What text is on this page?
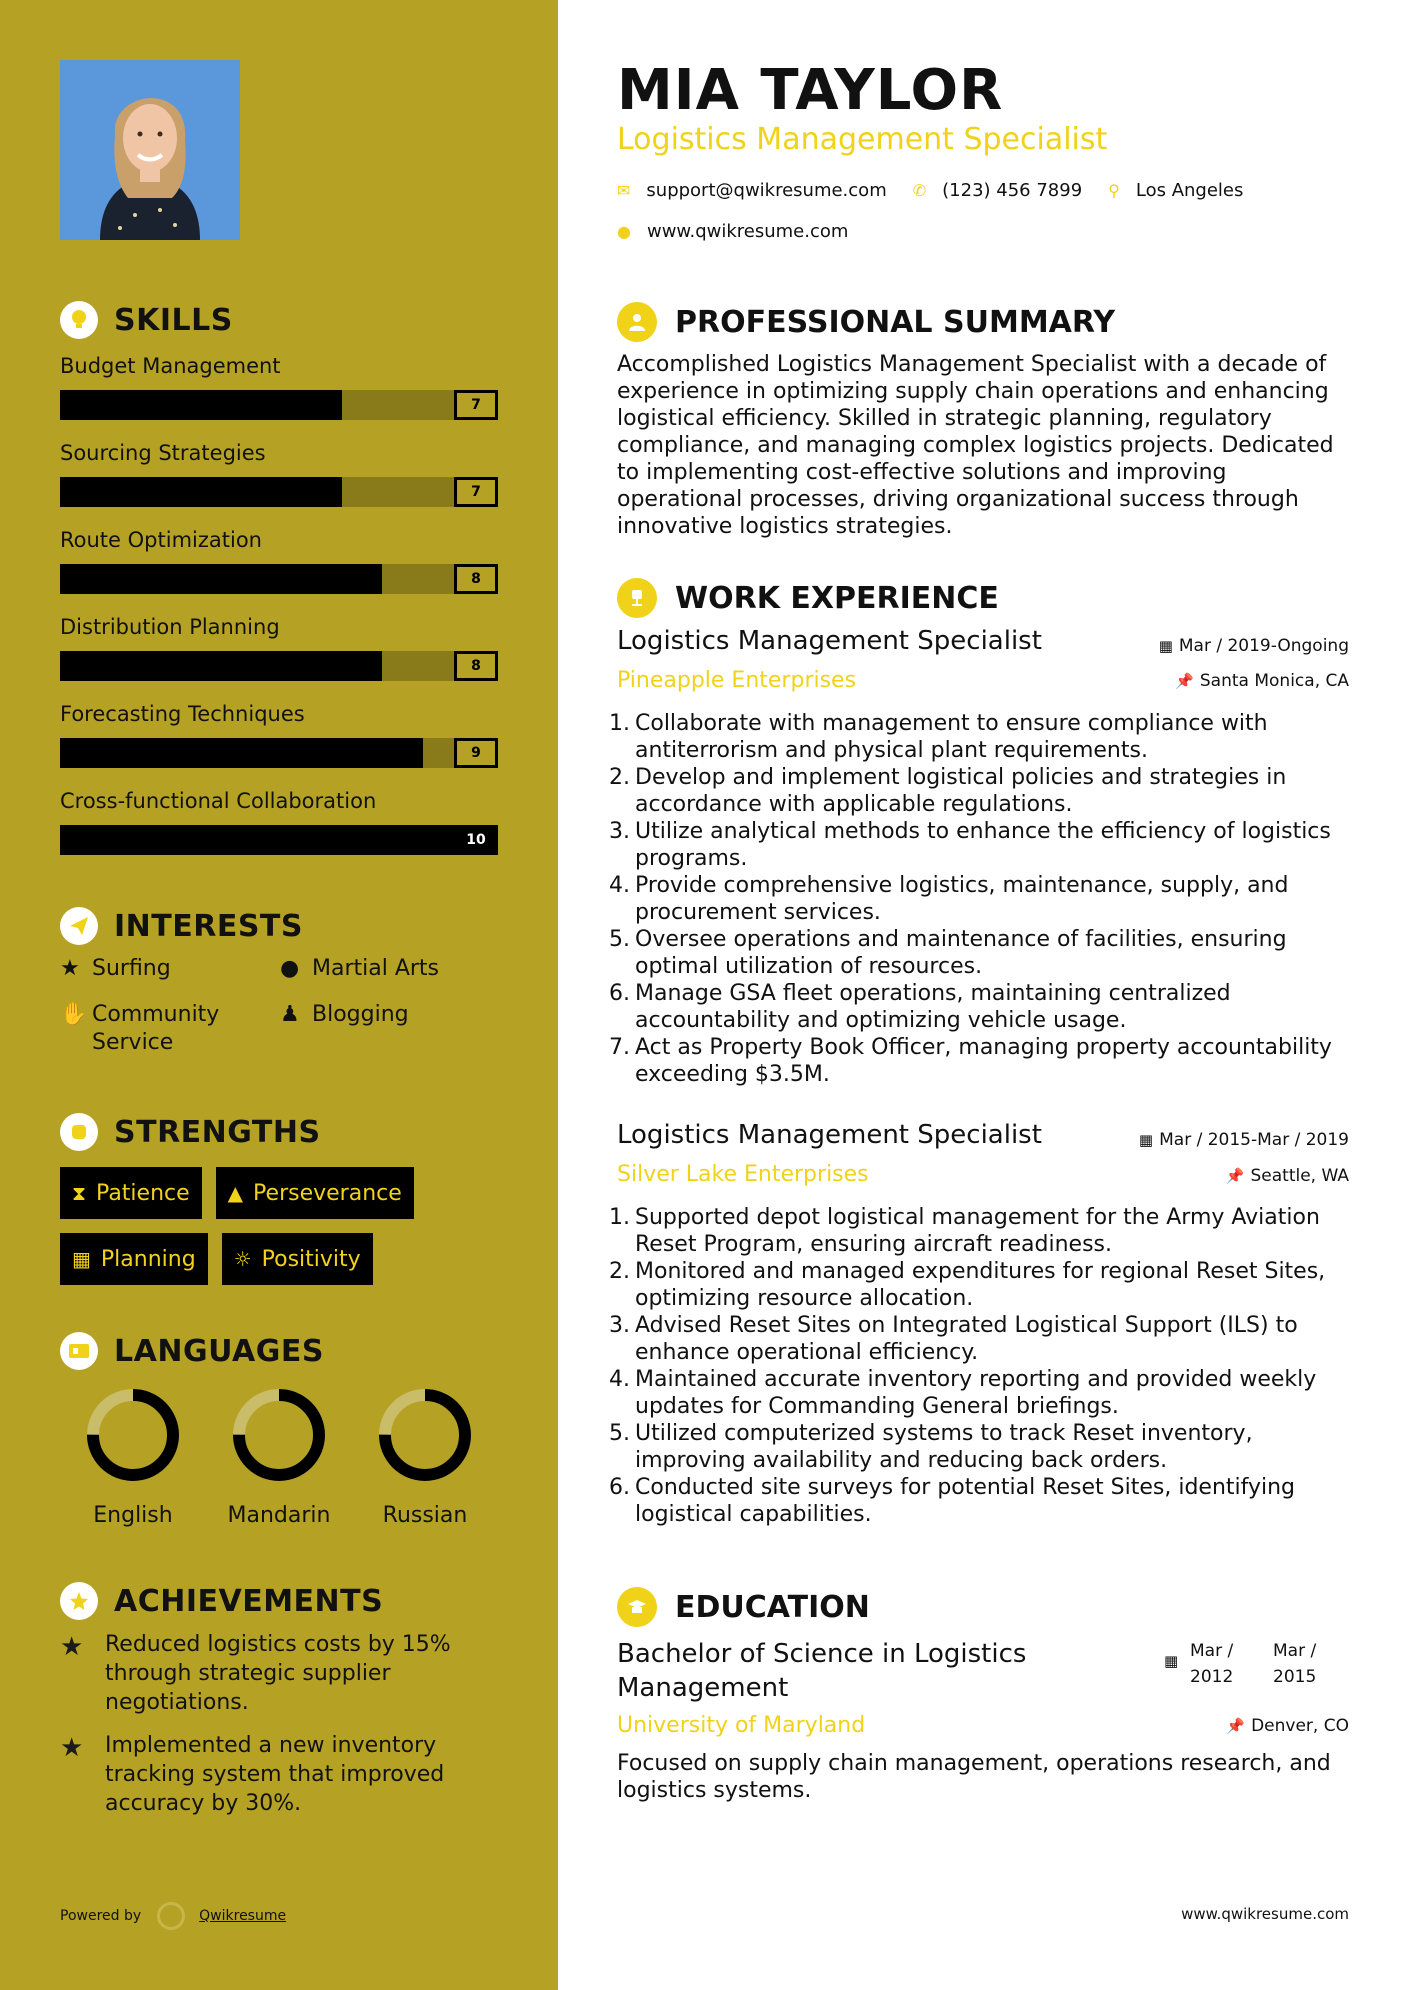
SKILLS
Budget Management
7
Sourcing Strategies
7
Route Optimization
8
Distribution Planning
8
Forecasting Techniques
9
Cross-functional Collaboration
10
INTERESTS
★ Surfing	● Martial Arts
✋ Community Service
♟ Blogging
STRENGTHS
⧗ Patience ▲ Perseverance
▦ Planning ☼ Positivity
LANGUAGES
English Mandarin Russian
ACHIEVEMENTS
★ Reduced logistics costs by 15% through strategic supplier negotiations.
★ Implemented a new inventory tracking system that improved accuracy by 30%.
Powered by	Qwikresume
MIA TAYLOR
Logistics Management Specialist
✉ support@qwikresume.com ✆ (123) 456 7899 ⚲ Los Angeles
● www.qwikresume.com
PROFESSIONAL SUMMARY
Accomplished Logistics Management Specialist with a decade of experience in optimizing supply chain operations and enhancing logistical efficiency. Skilled in strategic planning, regulatory compliance, and managing complex logistics projects. Dedicated to implementing cost-effective solutions and improving operational processes, driving organizational success through innovative logistics strategies.
WORK EXPERIENCE
Logistics Management Specialist	▦ Mar / 2019-Ongoing
Pineapple Enterprises	📌 Santa Monica, CA
1. Collaborate with management to ensure compliance with antiterrorism and physical plant requirements.
2. Develop and implement logistical policies and strategies in accordance with applicable regulations.
3. Utilize analytical methods to enhance the efficiency of logistics programs.
4. Provide comprehensive logistics, maintenance, supply, and procurement services.
5. Oversee operations and maintenance of facilities, ensuring optimal utilization of resources.
6. Manage GSA fleet operations, maintaining centralized accountability and optimizing vehicle usage.
7. Act as Property Book Officer, managing property accountability exceeding $3.5M.
Logistics Management Specialist	▦ Mar / 2015-Mar / 2019
Silver Lake Enterprises	📌 Seattle, WA
1. Supported depot logistical management for the Army Aviation Reset Program, ensuring aircraft readiness.
2. Monitored and managed expenditures for regional Reset Sites, optimizing resource allocation.
3. Advised Reset Sites on Integrated Logistical Support (ILS) to enhance operational efficiency.
4. Maintained accurate inventory reporting and provided weekly updates for Commanding General briefings.
5. Utilized computerized systems to track Reset inventory, improving availability and reducing back orders.
6. Conducted site surveys for potential Reset Sites, identifying logistical capabilities.
EDUCATION
Bachelor of Science in Logistics Management
▦ Mar / 2012
Mar / 2015
University of Maryland	📌 Denver, CO
Focused on supply chain management, operations research, and logistics systems.
www.qwikresume.com
